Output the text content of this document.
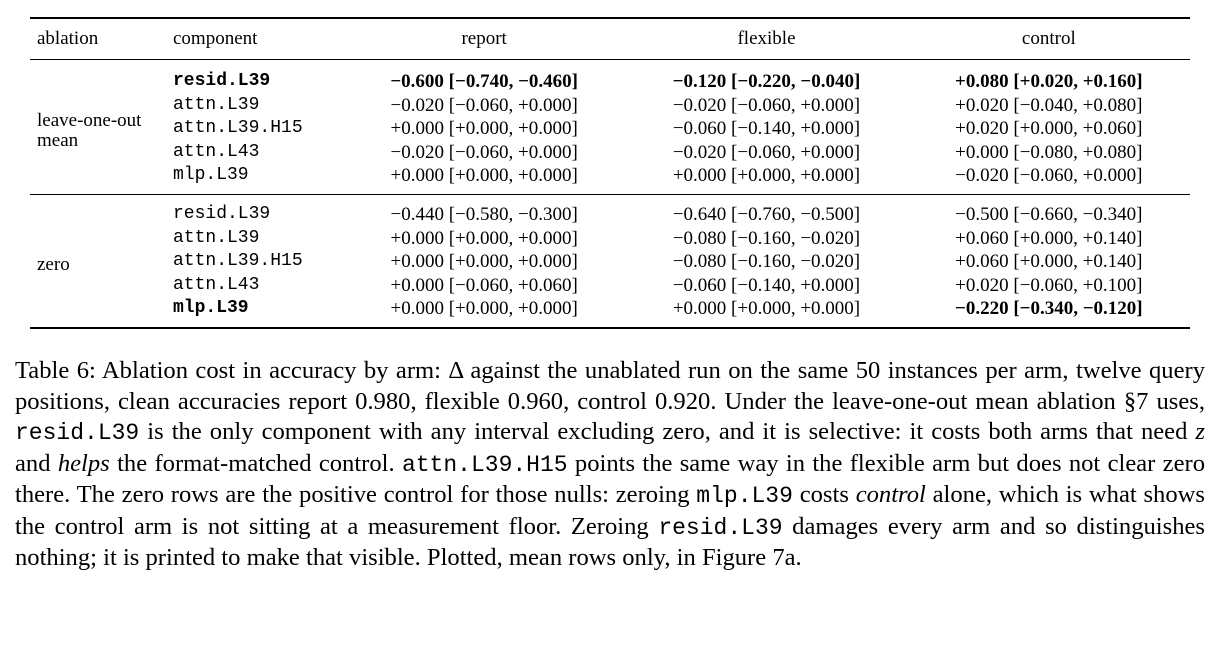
ablation	component	report	flexible	control
leave-one-out mean	resid.L39	−0.600 [−0.740, −0.460]	−0.120 [−0.220, −0.040]	+0.080 [+0.020, +0.160]
	attn.L39	−0.020 [−0.060, +0.000]	−0.020 [−0.060, +0.000]	+0.020 [−0.040, +0.080]
	attn.L39.H15	+0.000 [+0.000, +0.000]	−0.060 [−0.140, +0.000]	+0.020 [+0.000, +0.060]
	attn.L43	−0.020 [−0.060, +0.000]	−0.020 [−0.060, +0.000]	+0.000 [−0.080, +0.080]
	mlp.L39	+0.000 [+0.000, +0.000]	+0.000 [+0.000, +0.000]	−0.020 [−0.060, +0.000]
zero	resid.L39	−0.440 [−0.580, −0.300]	−0.640 [−0.760, −0.500]	−0.500 [−0.660, −0.340]
	attn.L39	+0.000 [+0.000, +0.000]	−0.080 [−0.160, −0.020]	+0.060 [+0.000, +0.140]
	attn.L39.H15	+0.000 [+0.000, +0.000]	−0.080 [−0.160, −0.020]	+0.060 [+0.000, +0.140]
	attn.L43	+0.000 [−0.060, +0.060]	−0.060 [−0.140, +0.000]	+0.020 [−0.060, +0.100]
	mlp.L39	+0.000 [+0.000, +0.000]	+0.000 [+0.000, +0.000]	−0.220 [−0.340, −0.120]

Table 6: Ablation cost in accuracy by arm: Δ against the unablated run on the same 50 instances per arm, twelve query positions, clean accuracies report 0.980, flexible 0.960, control 0.920. Under the leave-one-out mean ablation §7 uses, resid.L39 is the only component with any interval excluding zero, and it is selective: it costs both arms that need z and helps the format-matched control. attn.L39.H15 points the same way in the flexible arm but does not clear zero there. The zero rows are the positive control for those nulls: zeroing mlp.L39 costs control alone, which is what shows the control arm is not sitting at a measurement floor. Zeroing resid.L39 damages every arm and so distinguishes nothing; it is printed to make that visible. Plotted, mean rows only, in Figure 7a.
